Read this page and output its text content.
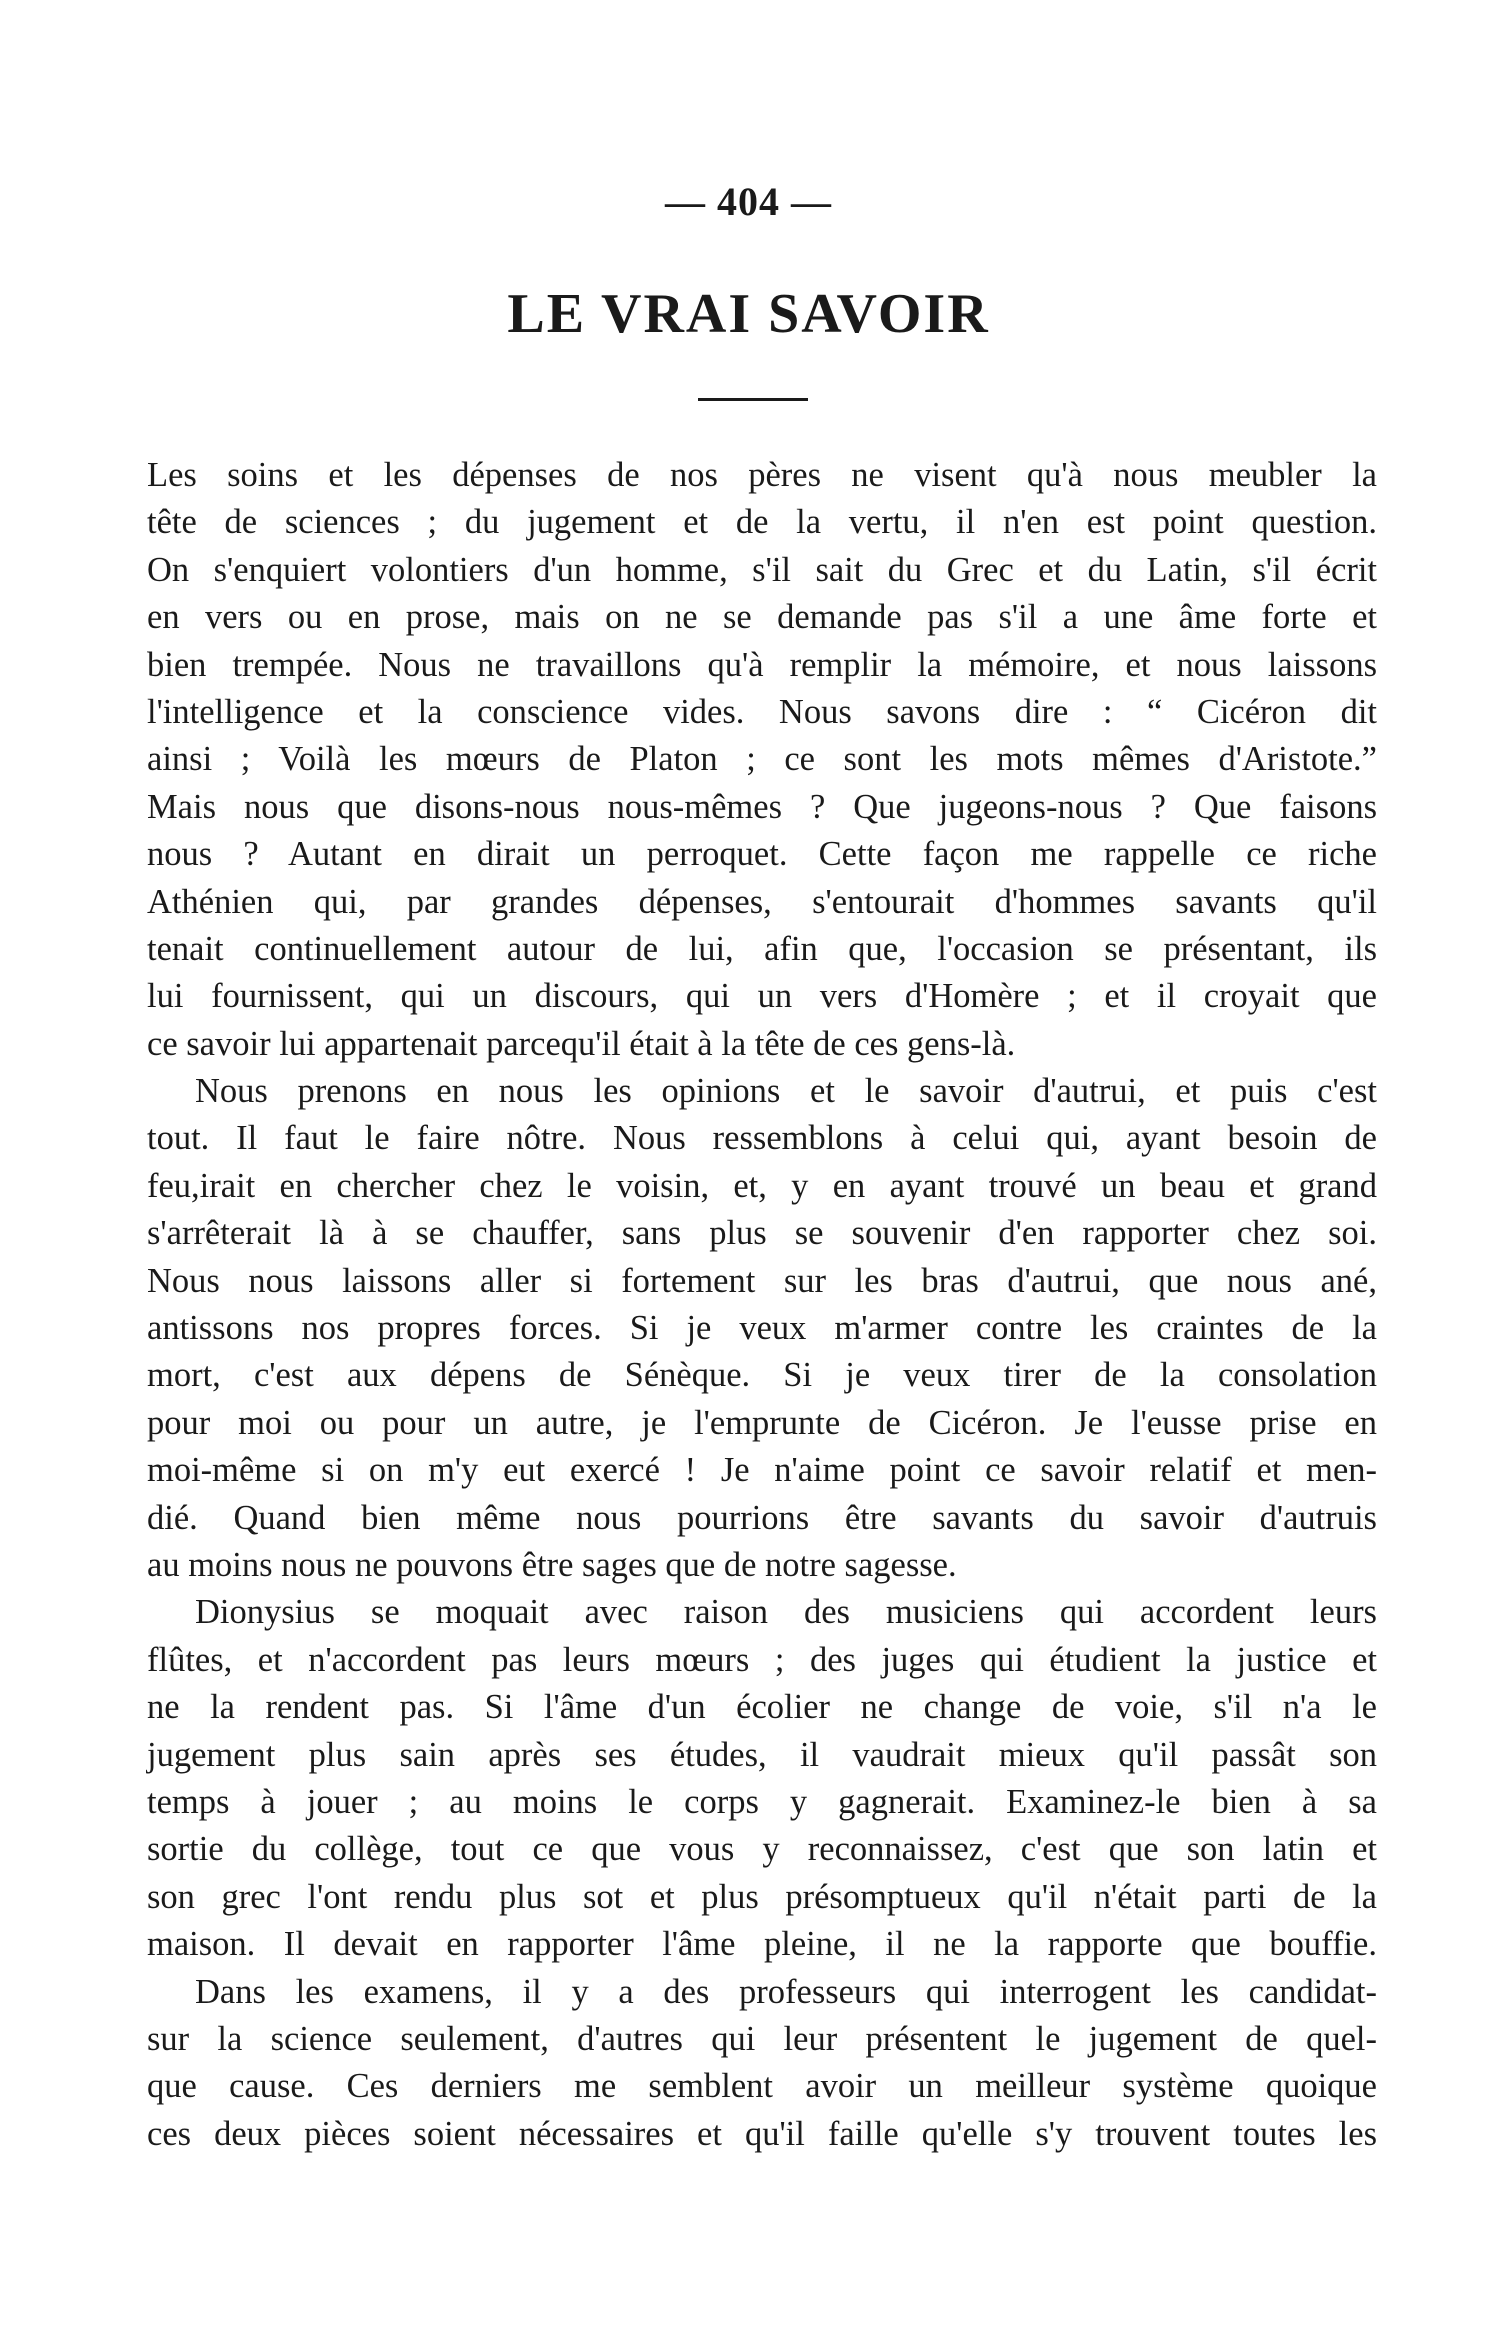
— 404 —
LE VRAI SAVOIR
Les soins et les dépenses de nos pères ne visent qu'à nous meubler la
tête de sciences ; du jugement et de la vertu, il n'en est point question.
On s'enquiert volontiers d'un homme, s'il sait du Grec et du Latin, s'il écrit
en vers ou en prose, mais on ne se demande pas s'il a une âme forte et
bien trempée. Nous ne travaillons qu'à remplir la mémoire, et nous laissons
l'intelligence et la conscience vides. Nous savons dire : “ Cicéron dit
ainsi ; Voilà les mœurs de Platon ; ce sont les mots mêmes d'Aristote.”
Mais nous que disons-nous nous-mêmes ? Que jugeons-nous ? Que faisons
nous ? Autant en dirait un perroquet. Cette façon me rappelle ce riche
Athénien qui, par grandes dépenses, s'entourait d'hommes savants qu'il
tenait continuellement autour de lui, afin que, l'occasion se présentant, ils
lui fournissent, qui un discours, qui un vers d'Homère ; et il croyait que
ce savoir lui appartenait parcequ'il était à la tête de ces gens-là.
Nous prenons en nous les opinions et le savoir d'autrui, et puis c'est
tout. Il faut le faire nôtre. Nous ressemblons à celui qui, ayant besoin de
feu,irait en chercher chez le voisin, et, y en ayant trouvé un beau et grand
s'arrêterait là à se chauffer, sans plus se souvenir d'en rapporter chez soi.
Nous nous laissons aller si fortement sur les bras d'autrui, que nous ané,
antissons nos propres forces. Si je veux m'armer contre les craintes de la
mort, c'est aux dépens de Sénèque. Si je veux tirer de la consolation
pour moi ou pour un autre, je l'emprunte de Cicéron. Je l'eusse prise en
moi-même si on m'y eut exercé ! Je n'aime point ce savoir relatif et men-
dié. Quand bien même nous pourrions être savants du savoir d'autruis
au moins nous ne pouvons être sages que de notre sagesse.
Dionysius se moquait avec raison des musiciens qui accordent leurs
flûtes, et n'accordent pas leurs mœurs ; des juges qui étudient la justice et
ne la rendent pas. Si l'âme d'un écolier ne change de voie, s'il n'a le
jugement plus sain après ses études, il vaudrait mieux qu'il passât son
temps à jouer ; au moins le corps y gagnerait. Examinez-le bien à sa
sortie du collège, tout ce que vous y reconnaissez, c'est que son latin et
son grec l'ont rendu plus sot et plus présomptueux qu'il n'était parti de la
maison. Il devait en rapporter l'âme pleine, il ne la rapporte que bouffie.
Dans les examens, il y a des professeurs qui interrogent les candidat-
sur la science seulement, d'autres qui leur présentent le jugement de quel-
que cause. Ces derniers me semblent avoir un meilleur système quoique
ces deux pièces soient nécessaires et qu'il faille qu'elle s'y trouvent toutes les
